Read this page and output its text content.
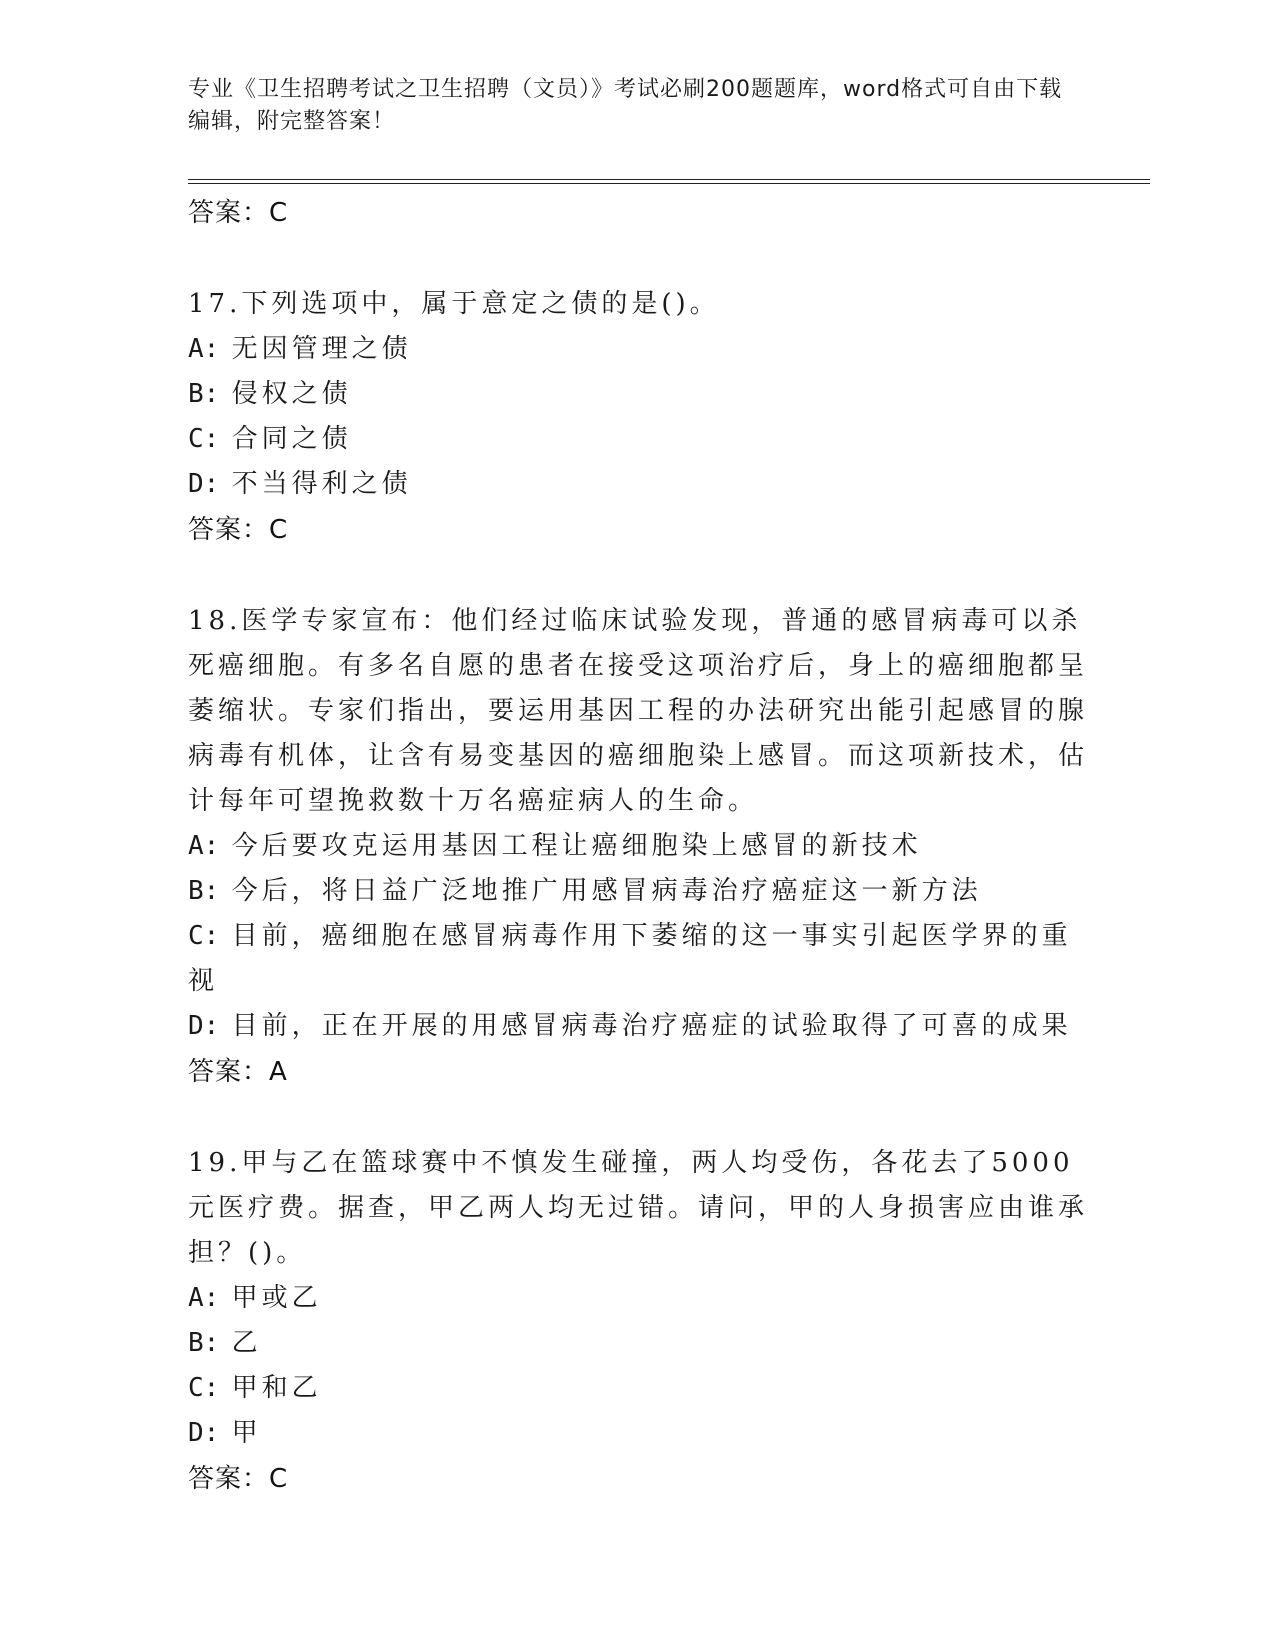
专业《卫生招聘考试之卫生招聘（文员）》考试必刷200题题库，word格式可自由下载编辑，附完整答案！
答案：C
17.下列选项中，属于意定之债的是()。
A: 无因管理之债
B: 侵权之债
C: 合同之债
D: 不当得利之债
答案：C
18.医学专家宣布：他们经过临床试验发现，普通的感冒病毒可以杀死癌细胞。有多名自愿的患者在接受这项治疗后，身上的癌细胞都呈萎缩状。专家们指出，要运用基因工程的办法研究出能引起感冒的腺病毒有机体，让含有易变基因的癌细胞染上感冒。而这项新技术，估计每年可望挽救数十万名癌症病人的生命。
A: 今后要攻克运用基因工程让癌细胞染上感冒的新技术
B: 今后，将日益广泛地推广用感冒病毒治疗癌症这一新方法
C: 目前，癌细胞在感冒病毒作用下萎缩的这一事实引起医学界的重视
D: 目前，正在开展的用感冒病毒治疗癌症的试验取得了可喜的成果
答案：A
19.甲与乙在篮球赛中不慎发生碰撞，两人均受伤，各花去了5000元医疗费。据查，甲乙两人均无过错。请问，甲的人身损害应由谁承担？()。
A: 甲或乙
B: 乙
C: 甲和乙
D: 甲
答案：C
